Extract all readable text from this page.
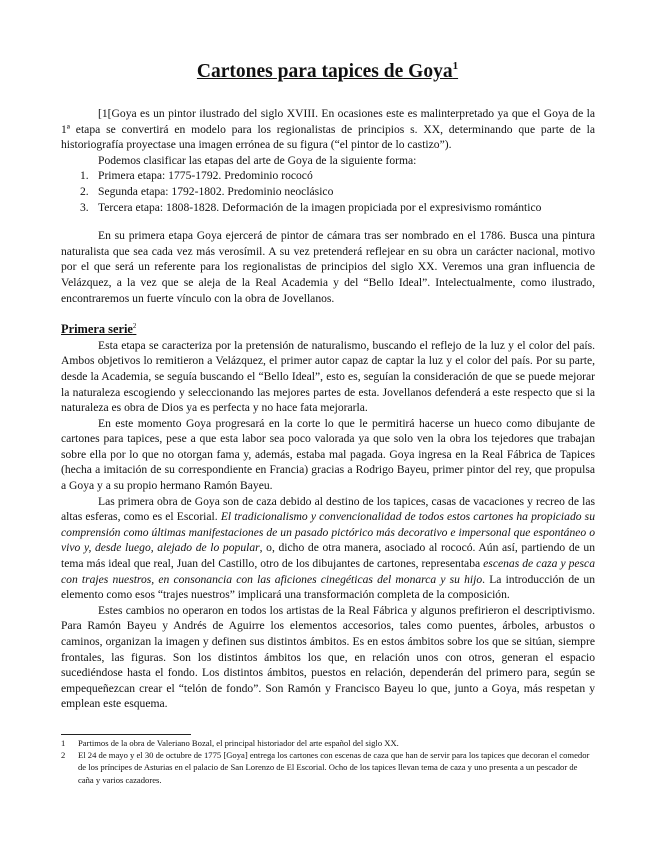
Cartones para tapices de Goya$^1$

[1[Goya es un pintor ilustrado del siglo XVIII. En ocasiones este es malinterpretado ya que el Goya de la 1ª etapa se convertirá en modelo para los regionalistas de principios s. XX, determinando que parte de la historiografía proyectase una imagen errónea de su figura (“el pintor de lo castizo”).

Podemos clasificar las etapas del arte de Goya de la siguiente forma:

1. Primera etapa: 1775-1792. Predominio rococó
2. Segunda etapa: 1792-1802. Predominio neoclásico
3. Tercera etapa: 1808-1828. Deformación de la imagen propiciada por el expresivismo romántico

En su primera etapa Goya ejercerá de pintor de cámara tras ser nombrado en el 1786. Busca una pintura naturalista que sea cada vez más verosímil. A su vez pretenderá reflejear en su obra un carácter nacional, motivo por el que será un referente para los regionalistas de principios del siglo XX. Veremos una gran influencia de Velázquez, a la vez que se aleja de la Real Academia y del “Bello Ideal”. Intelectualmente, como ilustrado, encontraremos un fuerte vínculo con la obra de Jovellanos.

Primera serie$^2$

Esta etapa se caracteriza por la pretensión de naturalismo, buscando el reflejo de la luz y el color del país. Ambos objetivos lo remitieron a Velázquez, el primer autor capaz de captar la luz y el color del país. Por su parte, desde la Academia, se seguía buscando el “Bello Ideal”, esto es, seguían la consideración de que se puede mejorar la naturaleza escogiendo y seleccionando las mejores partes de esta. Jovellanos defenderá a este respecto que si la naturaleza es obra de Dios ya es perfecta y no hace fata mejorarla.

En este momento Goya progresará en la corte lo que le permitirá hacerse un hueco como dibujante de cartones para tapices, pese a que esta labor sea poco valorada ya que solo ven la obra los tejedores que trabajan sobre ella por lo que no otorgan fama y, además, estaba mal pagada. Goya ingresa en la Real Fábrica de Tapices (hecha a imitación de su correspondiente en Francia) gracias a Rodrigo Bayeu, primer pintor del rey, que propulsa a Goya y a su propio hermano Ramón Bayeu.

Las primera obra de Goya son de caza debido al destino de los tapices, casas de vacaciones y recreo de las altas esferas, como es el Escorial. El tradicionalismo y convencionalidad de todos estos cartones ha propiciado su comprensión como últimas manifestaciones de un pasado pictórico más decorativo e impersonal que espontáneo o vivo y, desde luego, alejado de lo popular, o, dicho de otra manera, asociado al rococó. Aún así, partiendo de un tema más ideal que real, Juan del Castillo, otro de los dibujantes de cartones, representaba escenas de caza y pesca con trajes nuestros, en consonancia con las aficiones cinegéticas del monarca y su hijo. La introducción de un elemento como esos “trajes nuestros” implicará una transformación completa de la composición.

Estes cambios no operaron en todos los artistas de la Real Fábrica y algunos prefirieron el descriptivismo. Para Ramón Bayeu y Andrés de Aguirre los elementos accesorios, tales como puentes, árboles, arbustos o caminos, organizan la imagen y definen sus distintos ámbitos. Es en estos ámbitos sobre los que se sitúan, siempre frontales, las figuras. Son los distintos ámbitos los que, en relación unos con otros, generan el espacio sucediéndose hasta el fondo. Los distintos ámbitos, puestos en relación, dependerán del primero para, según se empequeñezcan crear el “telón de fondo”. Son Ramón y Francisco Bayeu lo que, junto a Goya, más respetan y emplean este esquema.

1 Partimos de la obra de Valeriano Bozal, el principal historiador del arte español del siglo XX.
2 El 24 de mayo y el 30 de octubre de 1775 [Goya] entrega los cartones con escenas de caza que han de servir para los tapices que decoran el comedor de los príncipes de Asturias en el palacio de San Lorenzo de El Escorial. Ocho de los tapices llevan tema de caza y uno presenta a un pescador de caña y varios cazadores.
